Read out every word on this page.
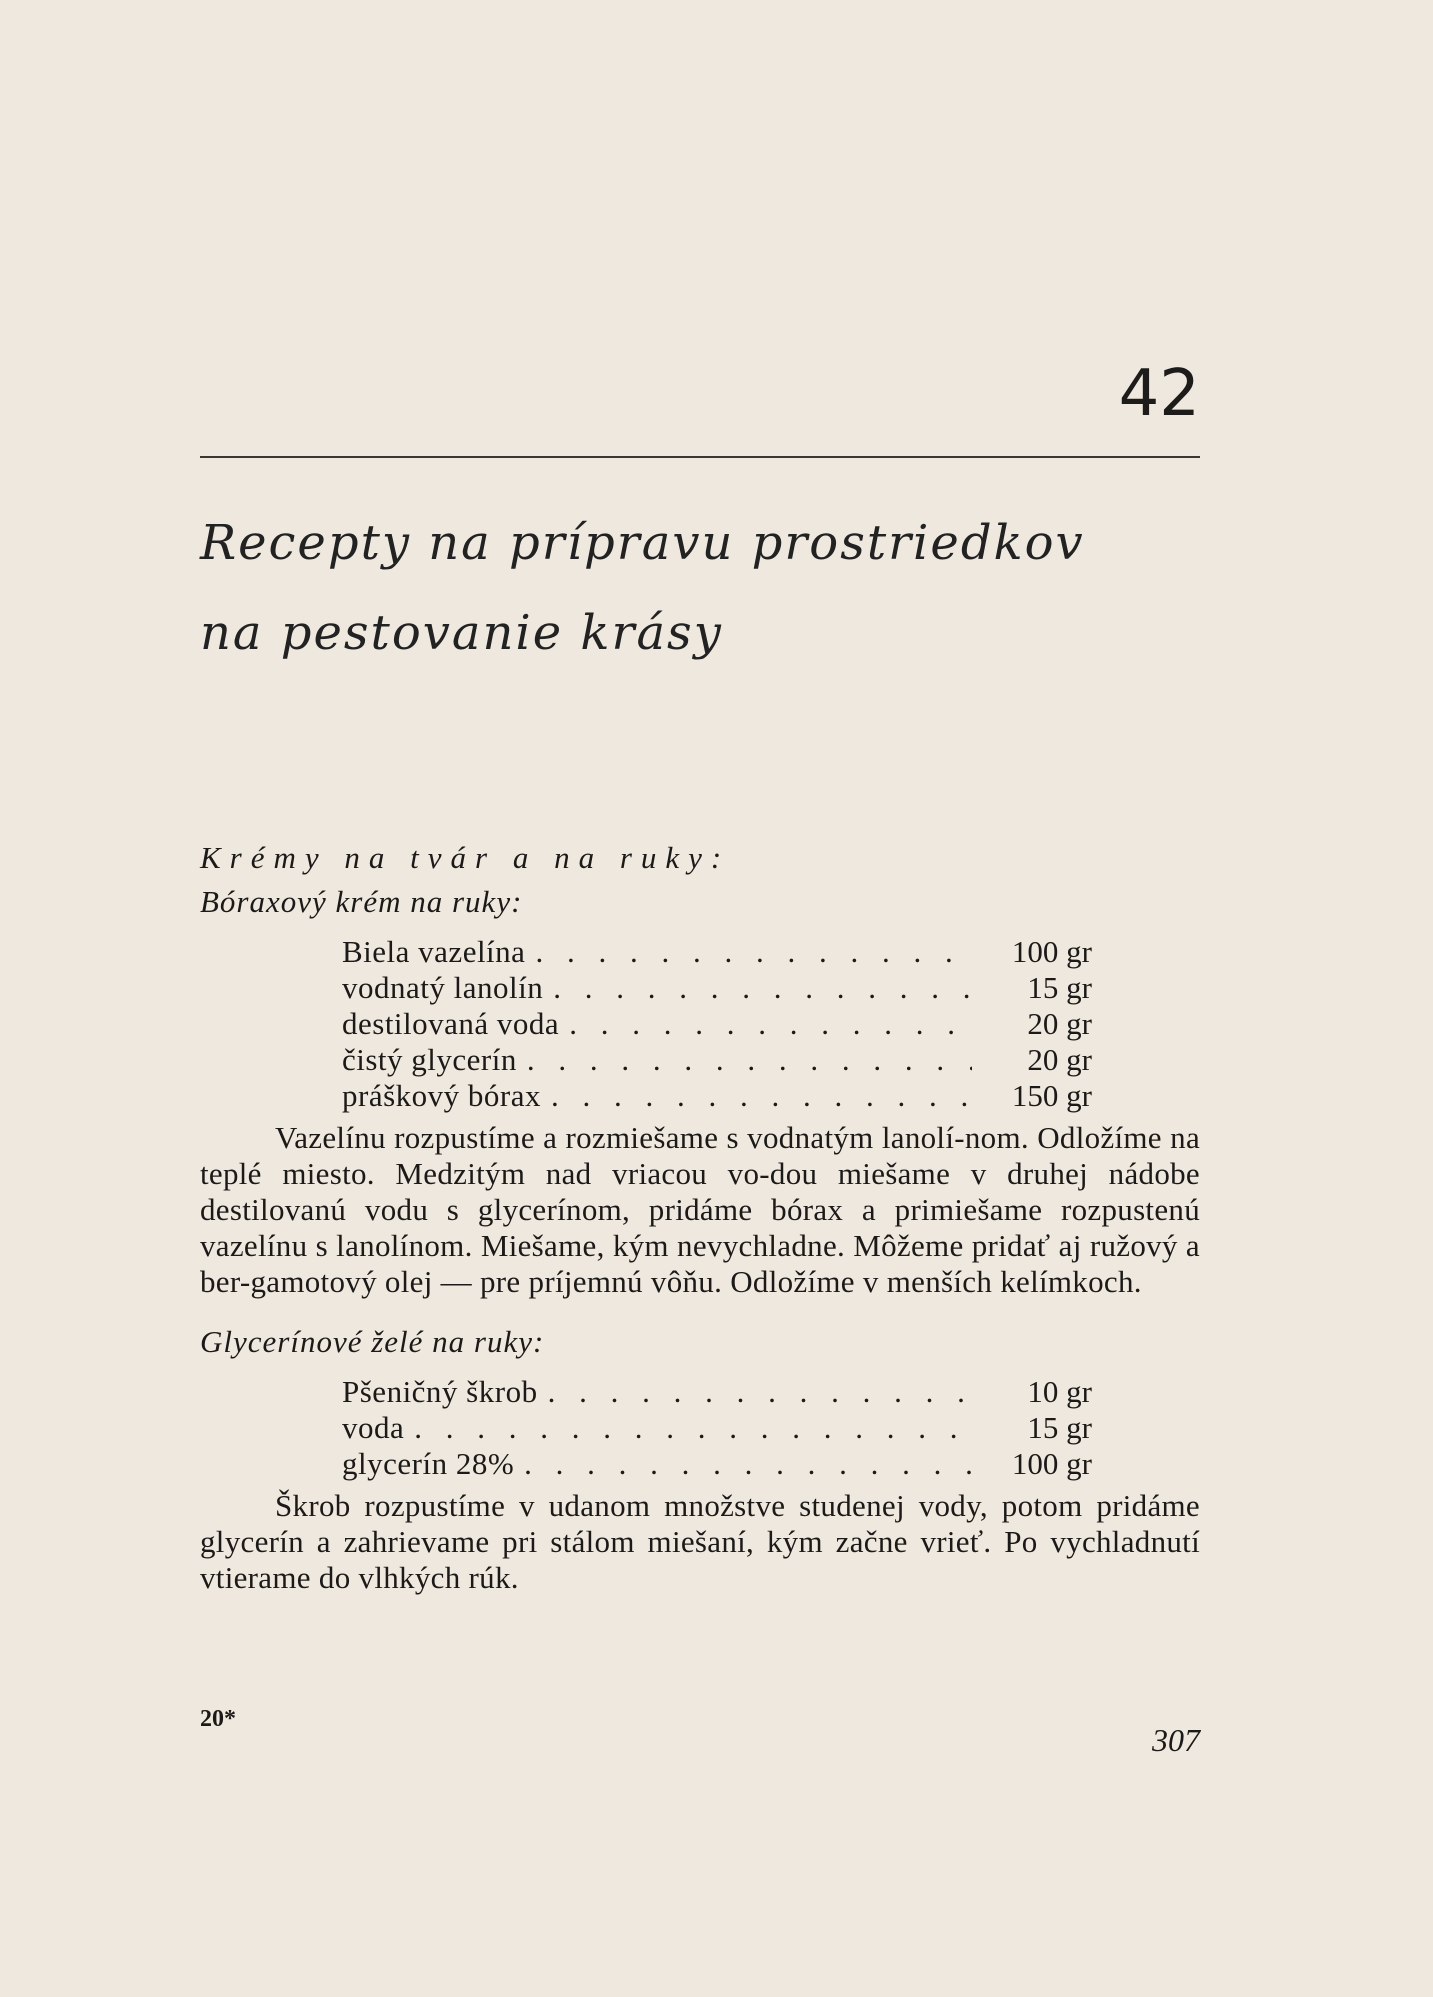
42
Recepty na prípravu prostriedkov
na pestovanie krásy

Krémy na tvár a na ruky:

Bóraxový krém na ruky:

Biela vazelína . . .	100 gr
vodnatý lanolín . . .	15 gr
destilovaná voda . . .	20 gr
čistý glycerín . . .	20 gr
práškový bórax . . .	150 gr

Vazelínu rozpustíme a rozmiešame s vodnatým lanolí-nom. Odložíme na teplé miesto. Medzitým nad vriacou vo-dou miešame v druhej nádobe destilovanú vodu s glycerínom, pridáme bórax a primiešame rozpustenú vazelínu s lanolínom. Miešame, kým nevychladne. Môžeme pridať aj ružový a ber-gamotový olej — pre príjemnú vôňu. Odložíme v menších kelímkoch.

Glycerínové želé na ruky:

Pšeničný škrob . . .	10 gr
voda . . .	15 gr
glycerín 28% . . .	100 gr

Škrob rozpustíme v udanom množstve studenej vody, potom pridáme glycerín a zahrievame pri stálom miešaní, kým začne vrieť. Po vychladnutí vtierame do vlhkých rúk.

20*
307
